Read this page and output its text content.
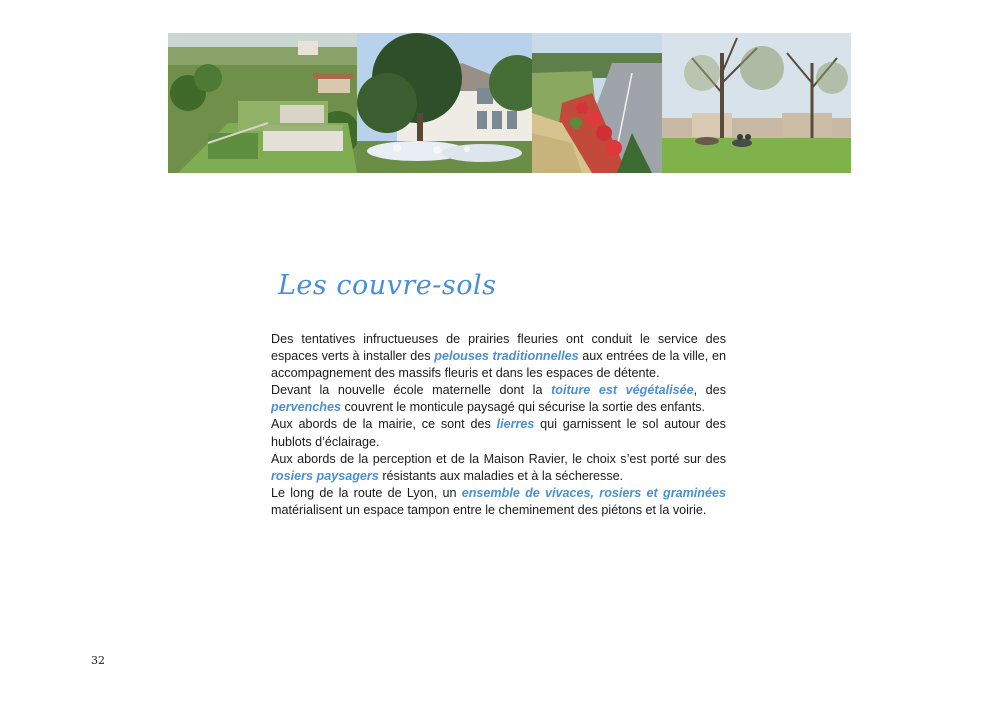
Les couvre-sols

Des tentatives infructueuses de prairies fleuries ont conduit le service des espaces verts à installer des pelouses traditionnelles aux entrées de la ville, en accompagnement des massifs fleuris et dans les espaces de détente.

Devant la nouvelle école maternelle dont la toiture est végétalisée, des pervenches couvrent le monticule paysagé qui sécurise la sortie des enfants.

Aux abords de la mairie, ce sont des lierres qui garnissent le sol autour des hublots d’éclairage.

Aux abords de la perception et de la Maison Ravier, le choix s’est porté sur des rosiers paysagers résistants aux maladies et à la sécheresse.

Le long de la route de Lyon, un ensemble de vivaces, rosiers et graminées matérialisent un espace tampon entre le cheminement des piétons et la voirie.

32
